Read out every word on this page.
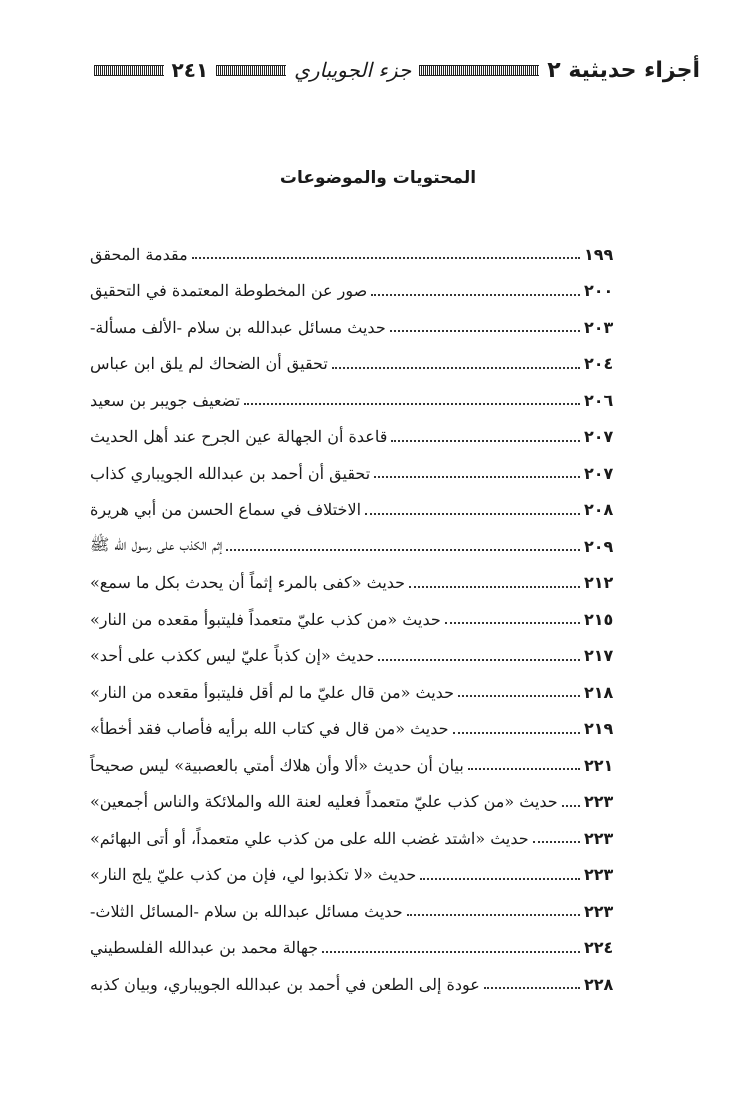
أجزاء حديثية ٢
جزء الجويباري
٢٤١
المحتويات والموضوعات
مقدمة المحقق	١٩٩
صور عن المخطوطة المعتمدة في التحقيق	٢٠٠
حديث مسائل عبدالله بن سلام -الألف مسألة-	٢٠٣
تحقيق أن الضحاك لم يلق ابن عباس	٢٠٤
تضعيف جويبر بن سعيد	٢٠٦
قاعدة أن الجهالة عين الجرح عند أهل الحديث	٢٠٧
تحقيق أن أحمد بن عبدالله الجويباري كذاب	٢٠٧
الاختلاف في سماع الحسن من أبي هريرة	٢٠٨
إثم الكذب على رسول الله ﷺ	٢٠٩
حديث «كفى بالمرء إثماً أن يحدث بكل ما سمع»	٢١٢
حديث «من كذب عليّ متعمداً فليتبوأ مقعده من النار»	٢١٥
حديث «إن كذباً عليّ ليس ككذب على أحد»	٢١٧
حديث «من قال عليّ ما لم أقل فليتبوأ مقعده من النار»	٢١٨
حديث «من قال في كتاب الله برأيه فأصاب فقد أخطأ»	٢١٩
بيان أن حديث «ألا وأن هلاك أمتي بالعصبية» ليس صحيحاً	٢٢١
حديث «من كذب عليّ متعمداً فعليه لعنة الله والملائكة والناس أجمعين» ٢٢٣
حديث «اشتد غضب الله على من كذب علي متعمداً، أو أتى البهائم»	٢٢٣
حديث «لا تكذبوا لي، فإن من كذب عليّ يلج النار»	٢٢٣
حديث مسائل عبدالله بن سلام -المسائل الثلاث-	٢٢٣
جهالة محمد بن عبدالله الفلسطيني	٢٢٤
عودة إلى الطعن في أحمد بن عبدالله الجويباري، وبيان كذبه	٢٢٨
